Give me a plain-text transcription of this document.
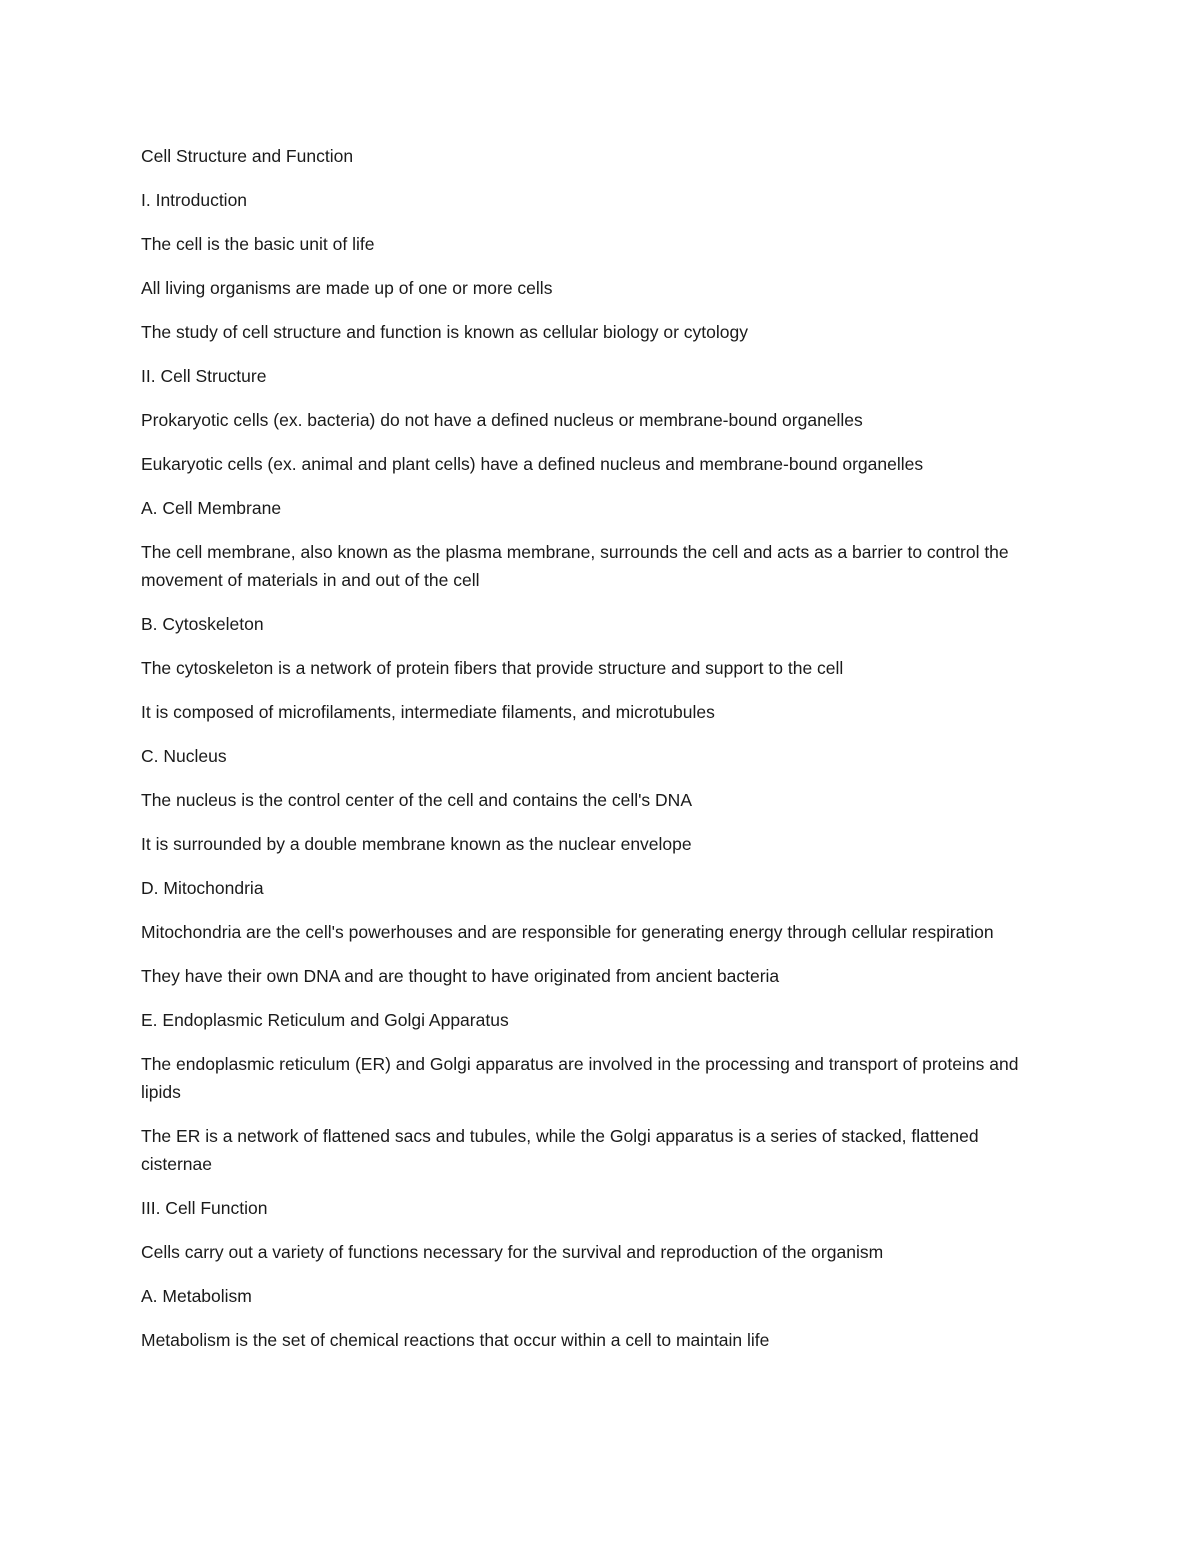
Cell Structure and Function

I. Introduction

The cell is the basic unit of life

All living organisms are made up of one or more cells

The study of cell structure and function is known as cellular biology or cytology

II. Cell Structure

Prokaryotic cells (ex. bacteria) do not have a defined nucleus or membrane-bound organelles

Eukaryotic cells (ex. animal and plant cells) have a defined nucleus and membrane-bound organelles

A. Cell Membrane

The cell membrane, also known as the plasma membrane, surrounds the cell and acts as a barrier to control the movement of materials in and out of the cell

B. Cytoskeleton

The cytoskeleton is a network of protein fibers that provide structure and support to the cell

It is composed of microfilaments, intermediate filaments, and microtubules

C. Nucleus

The nucleus is the control center of the cell and contains the cell's DNA

It is surrounded by a double membrane known as the nuclear envelope

D. Mitochondria

Mitochondria are the cell's powerhouses and are responsible for generating energy through cellular respiration

They have their own DNA and are thought to have originated from ancient bacteria

E. Endoplasmic Reticulum and Golgi Apparatus

The endoplasmic reticulum (ER) and Golgi apparatus are involved in the processing and transport of proteins and lipids

The ER is a network of flattened sacs and tubules, while the Golgi apparatus is a series of stacked, flattened cisternae

III. Cell Function

Cells carry out a variety of functions necessary for the survival and reproduction of the organism

A. Metabolism

Metabolism is the set of chemical reactions that occur within a cell to maintain life
